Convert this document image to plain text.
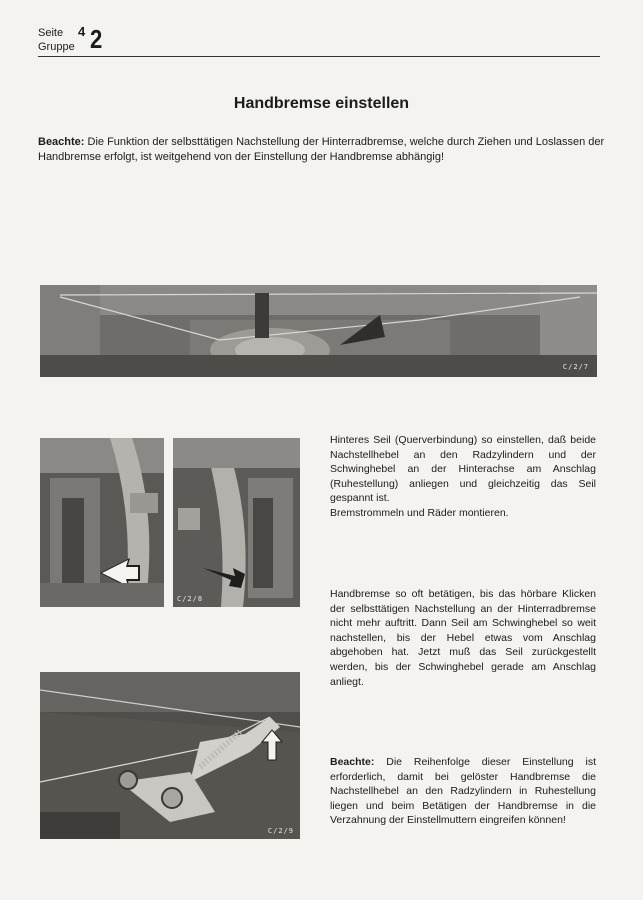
Seite 4
Gruppe 2
Handbremse einstellen
Beachte: Die Funktion der selbsttätigen Nachstellung der Hinterradbremse, welche durch Ziehen und Loslassen der Handbremse erfolgt, ist weitgehend von der Einstellung der Handbremse abhängig!
C/2/7
C/2/8
C/2/9
Hinteres Seil (Querverbindung) so einstellen, daß beide Nachstellhebel an den Radzylindern und der Schwinghebel an der Hinterachse am Anschlag (Ruhestellung) anliegen und gleichzeitig das Seil gespannt ist.
Bremstrommeln und Räder montieren.
Handbremse so oft betätigen, bis das hörbare Klicken der selbsttätigen Nachstellung an der Hinterradbremse nicht mehr auftritt. Dann Seil am Schwinghebel so weit nachstellen, bis der Hebel etwas vom Anschlag abgehoben hat. Jetzt muß das Seil zurückgestellt werden, bis der Schwinghebel gerade am Anschlag anliegt.
Beachte: Die Reihenfolge dieser Einstellung ist erforderlich, damit bei gelöster Handbremse die Nachstellhebel an den Radzylindern in Ruhestellung liegen und beim Betätigen der Handbremse in die Verzahnung der Einstellmuttern eingreifen können!
